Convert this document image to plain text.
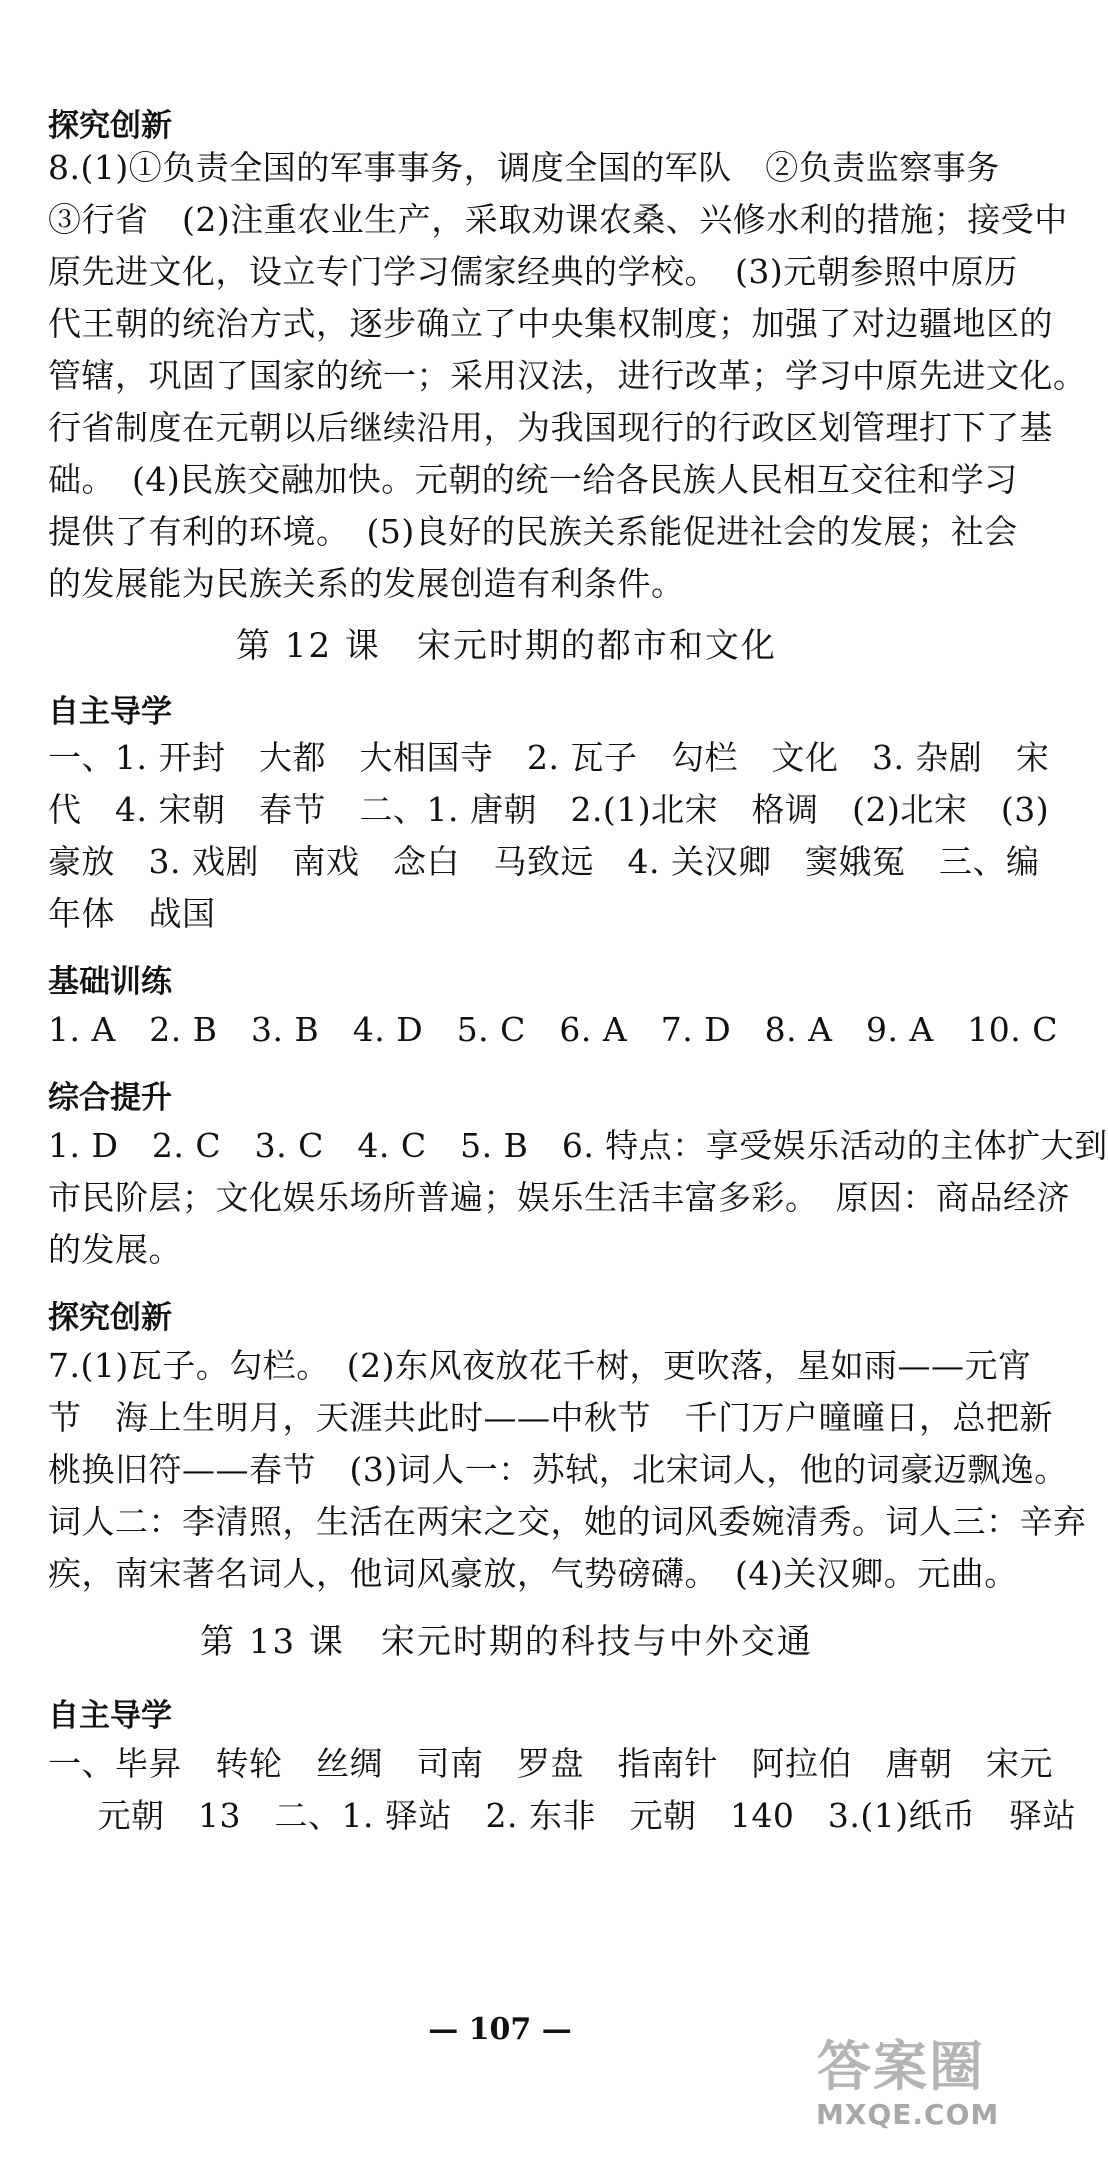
探究创新
8.(1)①负责全国的军事事务，调度全国的军队　②负责监察事务
③行省　(2)注重农业生产，采取劝课农桑、兴修水利的措施；接受中
原先进文化，设立专门学习儒家经典的学校。　(3)元朝参照中原历
代王朝的统治方式，逐步确立了中央集权制度；加强了对边疆地区的
管辖，巩固了国家的统一；采用汉法，进行改革；学习中原先进文化。
行省制度在元朝以后继续沿用，为我国现行的行政区划管理打下了基
础。　(4)民族交融加快。元朝的统一给各民族人民相互交往和学习
提供了有利的环境。　(5)良好的民族关系能促进社会的发展；社会
的发展能为民族关系的发展创造有利条件。
第 12 课　宋元时期的都市和文化
自主导学
一、1. 开封　大都　大相国寺　2. 瓦子　勾栏　文化　3. 杂剧　宋
代　4. 宋朝　春节　二、1. 唐朝　2.(1)北宋　格调　(2)北宋　(3)
豪放　3. 戏剧　南戏　念白　马致远　4. 关汉卿　窦娥冤　三、编
年体　战国
基础训练
1. A　2. B　3. B　4. D　5. C　6. A　7. D　8. A　9. A　10. C
综合提升
1. D　2. C　3. C　4. C　5. B　6. 特点：享受娱乐活动的主体扩大到
市民阶层；文化娱乐场所普遍；娱乐生活丰富多彩。　原因：商品经济
的发展。
探究创新
7.(1)瓦子。勾栏。　(2)东风夜放花千树，更吹落，星如雨——元宵
节　海上生明月，天涯共此时——中秋节　千门万户曈曈日，总把新
桃换旧符——春节　(3)词人一：苏轼，北宋词人，他的词豪迈飘逸。
词人二：李清照，生活在两宋之交，她的词风委婉清秀。词人三：辛弃
疾，南宋著名词人，他词风豪放，气势磅礴。　(4)关汉卿。元曲。
第 13 课　宋元时期的科技与中外交通
自主导学
一、毕昇　转轮　丝绸　司南　罗盘　指南针　阿拉伯　唐朝　宋元
　元朝　13　二、1. 驿站　2. 东非　元朝　140　3.(1)纸币　驿站
— 107 —
答案圈
MXQE.COM
